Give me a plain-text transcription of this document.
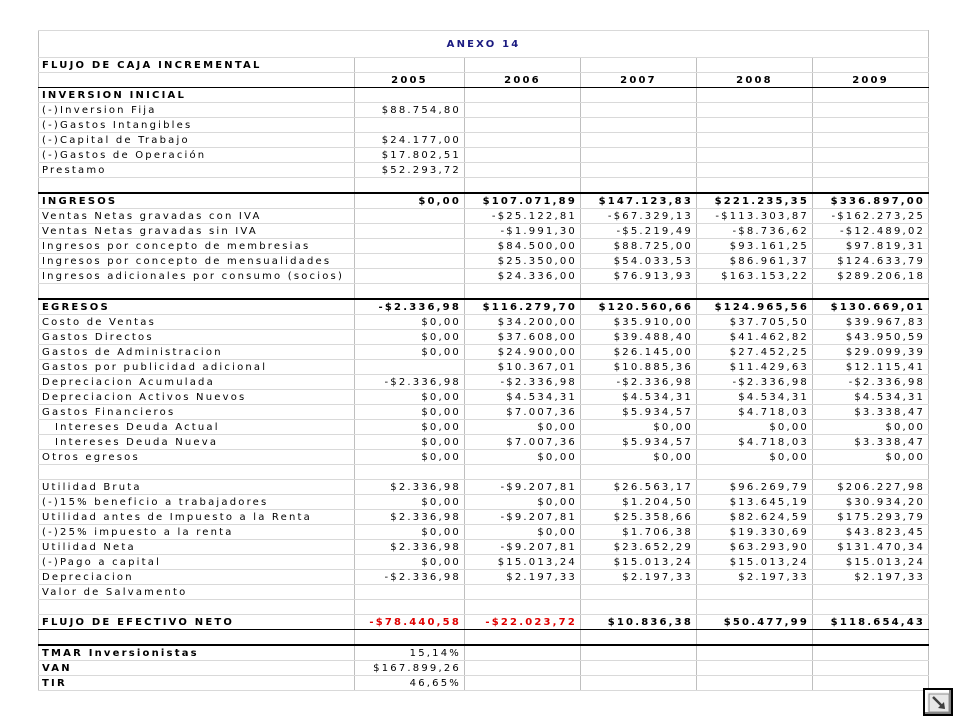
ANEXO 14					
FLUJO DE CAJA INCREMENTAL					
	2005	2006	2007	2008	2009
INVERSION INICIAL					
(-)Inversion Fija	$88.754,80				
(-)Gastos Intangibles					
(-)Capital de Trabajo	$24.177,00				
(-)Gastos de Operación	$17.802,51				
Prestamo	$52.293,72				

INGRESOS	$0,00	$107.071,89	$147.123,83	$221.235,35	$336.897,00
Ventas Netas gravadas con IVA		-$25.122,81	-$67.329,13	-$113.303,87	-$162.273,25
Ventas Netas gravadas sin IVA		-$1.991,30	-$5.219,49	-$8.736,62	-$12.489,02
Ingresos por concepto de membresias		$84.500,00	$88.725,00	$93.161,25	$97.819,31
Ingresos por concepto de mensualidades		$25.350,00	$54.033,53	$86.961,37	$124.633,79
Ingresos adicionales por consumo (socios)		$24.336,00	$76.913,93	$163.153,22	$289.206,18

EGRESOS	-$2.336,98	$116.279,70	$120.560,66	$124.965,56	$130.669,01
Costo de Ventas	$0,00	$34.200,00	$35.910,00	$37.705,50	$39.967,83
Gastos Directos	$0,00	$37.608,00	$39.488,40	$41.462,82	$43.950,59
Gastos de Administracion	$0,00	$24.900,00	$26.145,00	$27.452,25	$29.099,39
Gastos por publicidad adicional		$10.367,01	$10.885,36	$11.429,63	$12.115,41
Depreciacion Acumulada	-$2.336,98	-$2.336,98	-$2.336,98	-$2.336,98	-$2.336,98
Depreciacion Activos Nuevos	$0,00	$4.534,31	$4.534,31	$4.534,31	$4.534,31
Gastos Financieros	$0,00	$7.007,36	$5.934,57	$4.718,03	$3.338,47
Intereses Deuda Actual	$0,00	$0,00	$0,00	$0,00	$0,00
Intereses Deuda Nueva	$0,00	$7.007,36	$5.934,57	$4.718,03	$3.338,47
Otros egresos	$0,00	$0,00	$0,00	$0,00	$0,00

Utilidad Bruta	$2.336,98	-$9.207,81	$26.563,17	$96.269,79	$206.227,98
(-)15% beneficio a trabajadores	$0,00	$0,00	$1.204,50	$13.645,19	$30.934,20
Utilidad antes de Impuesto a la Renta	$2.336,98	-$9.207,81	$25.358,66	$82.624,59	$175.293,79
(-)25% impuesto a la renta	$0,00	$0,00	$1.706,38	$19.330,69	$43.823,45
Utilidad Neta	$2.336,98	-$9.207,81	$23.652,29	$63.293,90	$131.470,34
(-)Pago a capital	$0,00	$15.013,24	$15.013,24	$15.013,24	$15.013,24
Depreciacion	-$2.336,98	$2.197,33	$2.197,33	$2.197,33	$2.197,33
Valor de Salvamento					

FLUJO DE EFECTIVO NETO	-$78.440,58	-$22.023,72	$10.836,38	$50.477,99	$118.654,43

TMAR Inversionistas	15,14%				
VAN	$167.899,26				
TIR	46,65%				
